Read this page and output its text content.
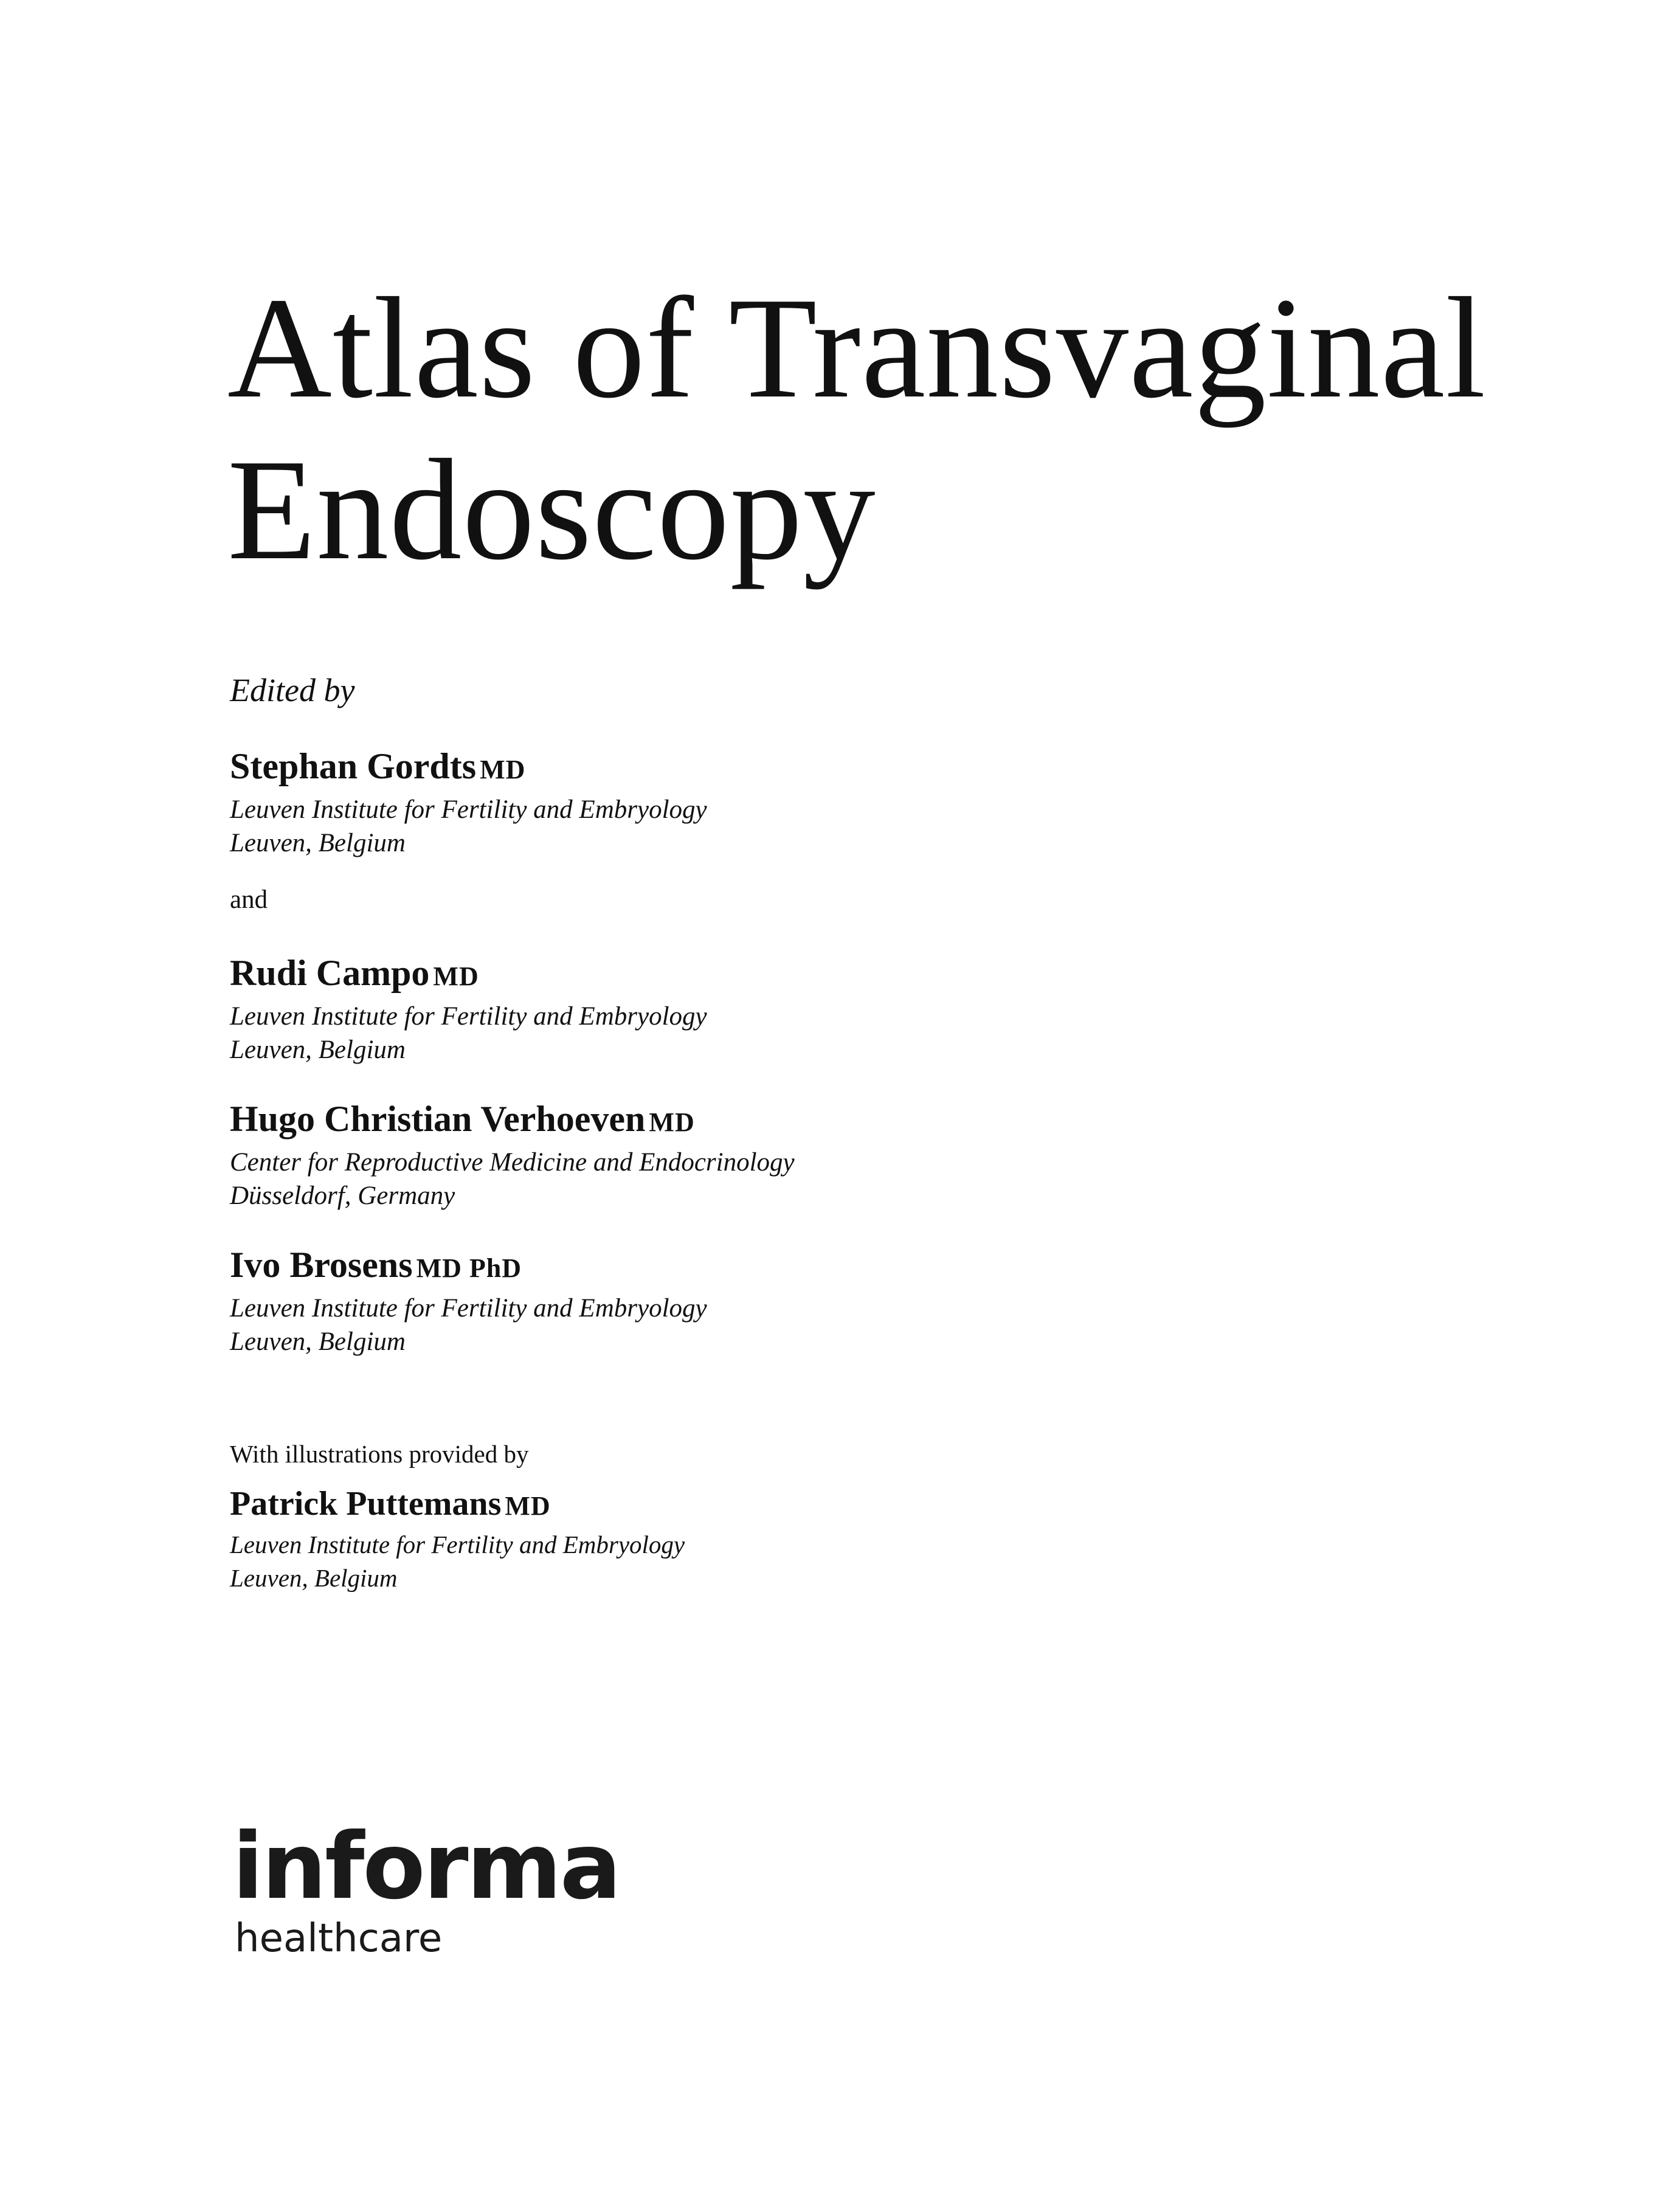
Atlas of Transvaginal
Endoscopy
Edited by
Stephan Gordts MD
Leuven Institute for Fertility and Embryology
Leuven, Belgium
and
Rudi Campo MD
Leuven Institute for Fertility and Embryology
Leuven, Belgium
Hugo Christian Verhoeven MD
Center for Reproductive Medicine and Endocrinology
Düsseldorf, Germany
Ivo Brosens MD PhD
Leuven Institute for Fertility and Embryology
Leuven, Belgium
With illustrations provided by
Patrick Puttemans MD
Leuven Institute for Fertility and Embryology
Leuven, Belgium
informa
healthcare
